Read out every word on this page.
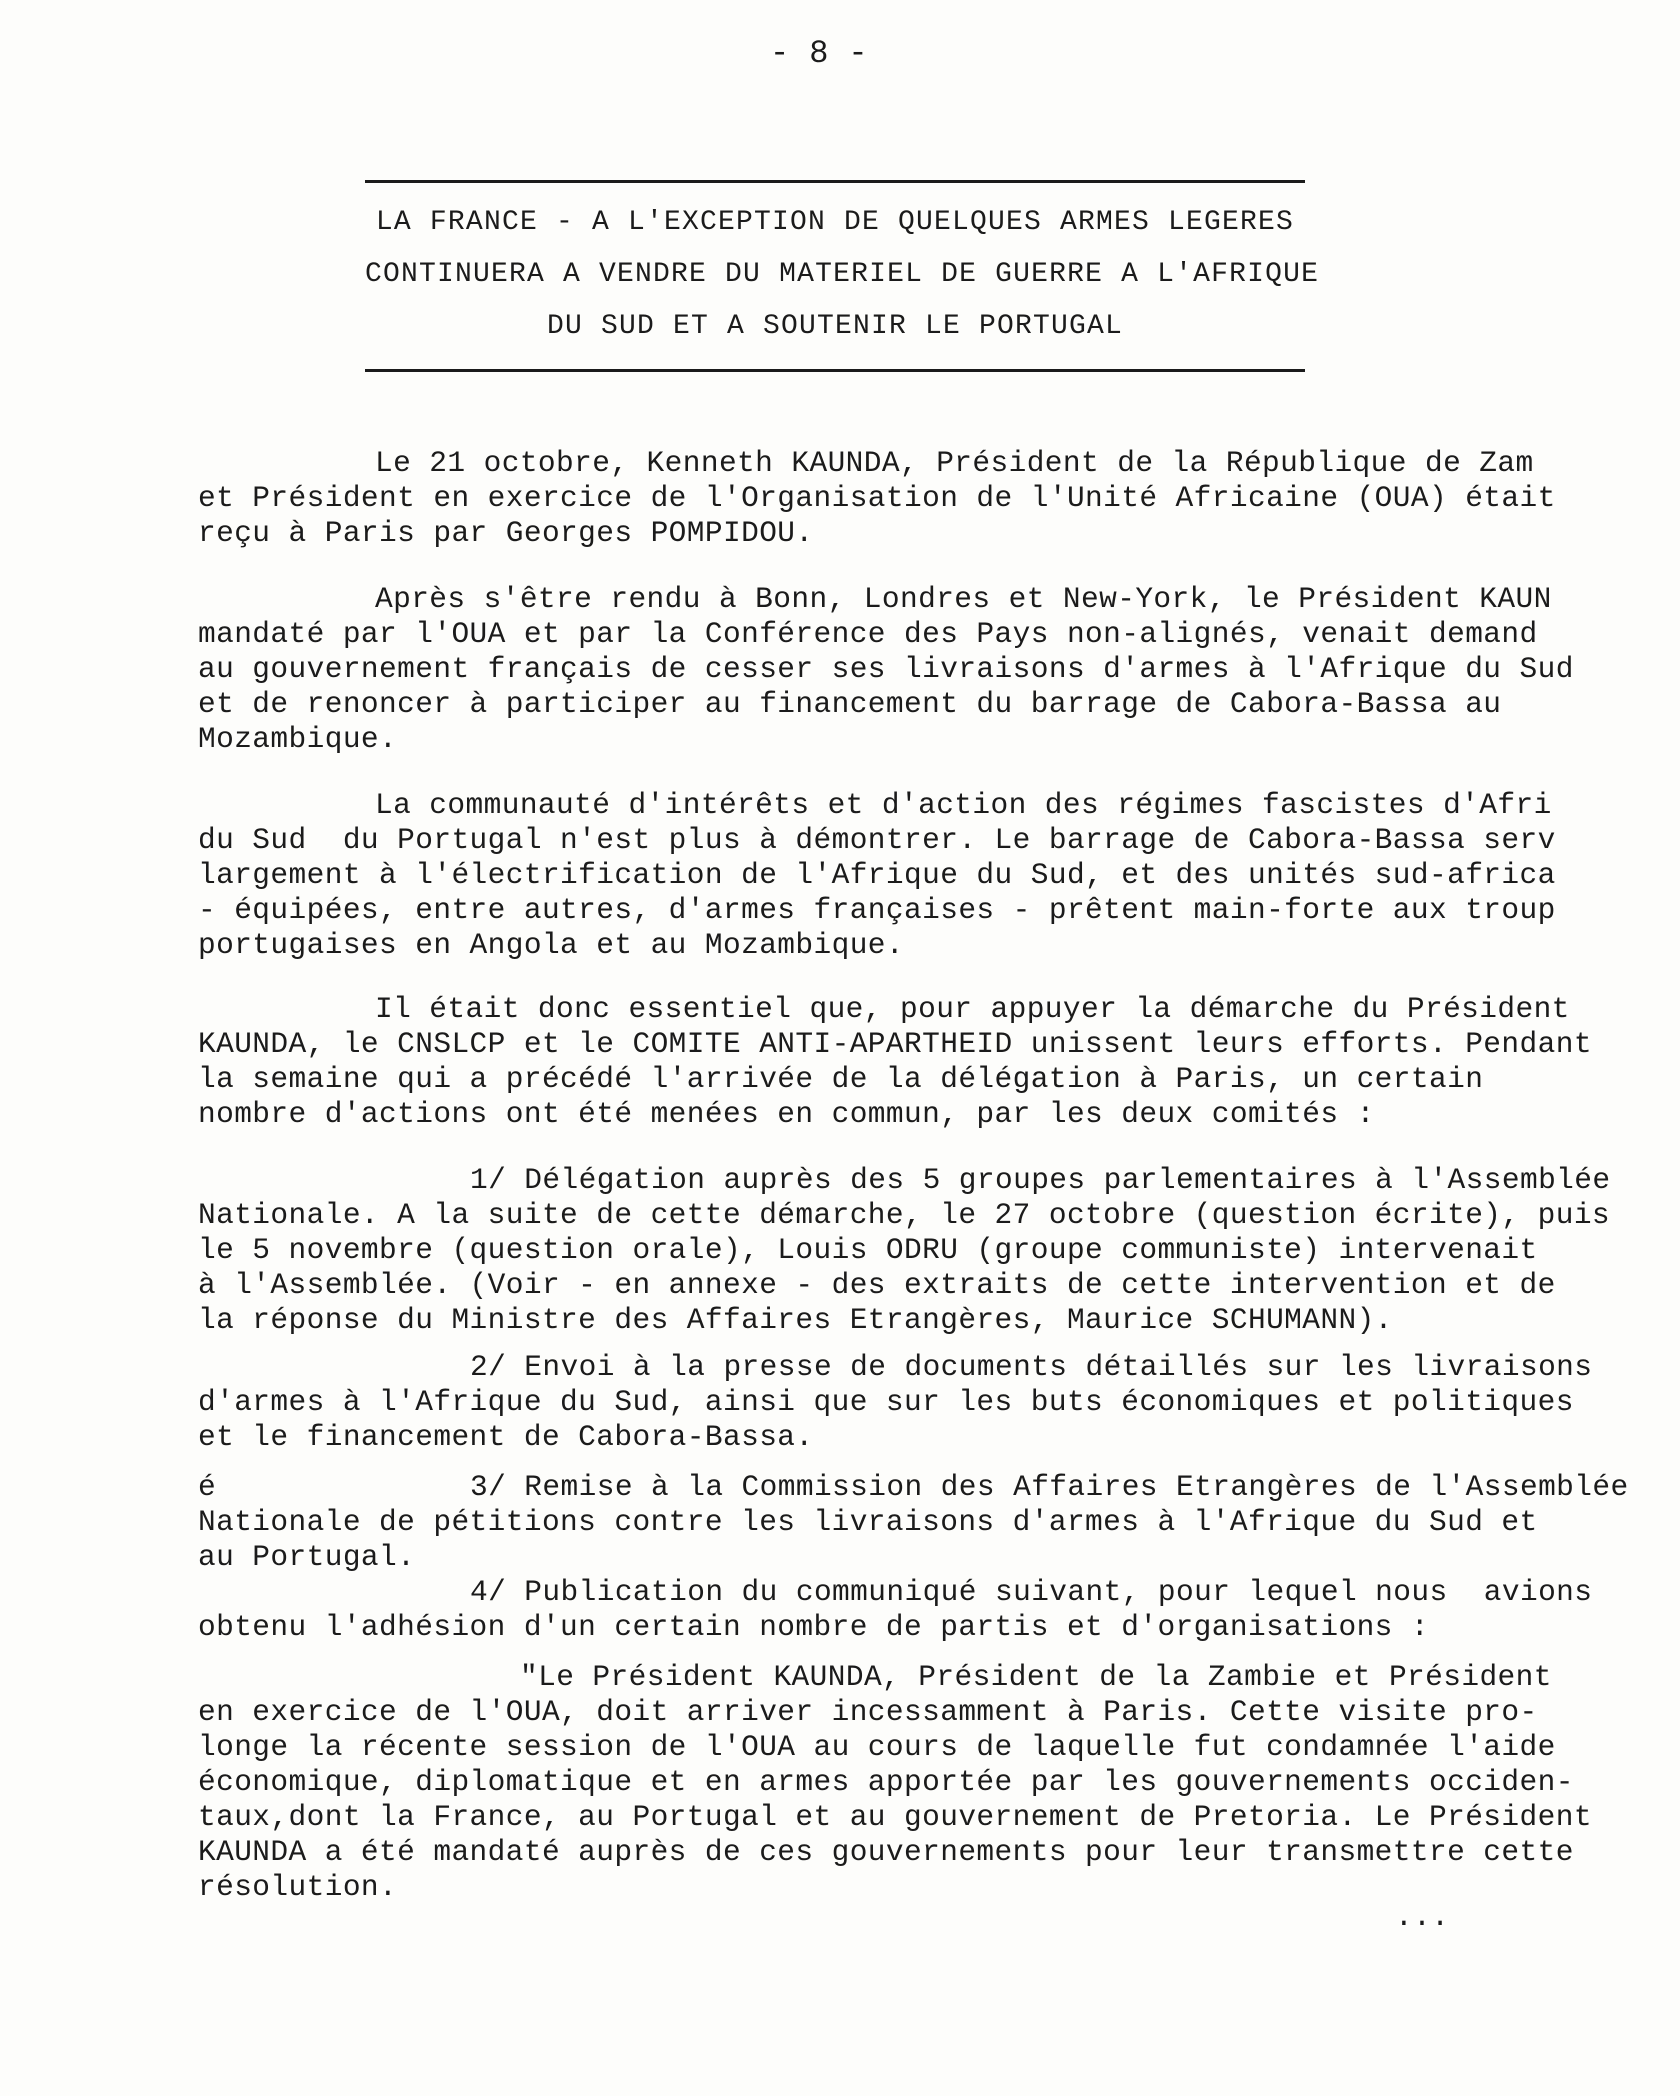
- 8 -
LA FRANCE - A L'EXCEPTION DE QUELQUES ARMES LEGERES
CONTINUERA A VENDRE DU MATERIEL DE GUERRE A L'AFRIQUE
DU SUD ET A SOUTENIR LE PORTUGAL
Le 21 octobre, Kenneth KAUNDA, Président de la République de Zam
et Président en exercice de l'Organisation de l'Unité Africaine (OUA) était
reçu à Paris par Georges POMPIDOU.
Après s'être rendu à Bonn, Londres et New-York, le Président KAUN
mandaté par l'OUA et par la Conférence des Pays non-alignés, venait demand
au gouvernement français de cesser ses livraisons d'armes à l'Afrique du Sud
et de renoncer à participer au financement du barrage de Cabora-Bassa au
Mozambique.
La communauté d'intérêts et d'action des régimes fascistes d'Afri
du Sud  du Portugal n'est plus à démontrer. Le barrage de Cabora-Bassa serv
largement à l'électrification de l'Afrique du Sud, et des unités sud-africa
- équipées, entre autres, d'armes françaises - prêtent main-forte aux troup
portugaises en Angola et au Mozambique.
Il était donc essentiel que, pour appuyer la démarche du Président
KAUNDA, le CNSLCP et le COMITE ANTI-APARTHEID unissent leurs efforts. Pendant
la semaine qui a précédé l'arrivée de la délégation à Paris, un certain
nombre d'actions ont été menées en commun, par les deux comités :
1/ Délégation auprès des 5 groupes parlementaires à l'Assemblée
Nationale. A la suite de cette démarche, le 27 octobre (question écrite), puis
le 5 novembre (question orale), Louis ODRU (groupe communiste) intervenait
à l'Assemblée. (Voir - en annexe - des extraits de cette intervention et de
la réponse du Ministre des Affaires Etrangères, Maurice SCHUMANN).
2/ Envoi à la presse de documents détaillés sur les livraisons
d'armes à l'Afrique du Sud, ainsi que sur les buts économiques et politiques
et le financement de Cabora-Bassa.
é	3/ Remise à la Commission des Affaires Etrangères de l'Assemblée
Nationale de pétitions contre les livraisons d'armes à l'Afrique du Sud et
au Portugal.
4/ Publication du communiqué suivant, pour lequel nous  avions
obtenu l'adhésion d'un certain nombre de partis et d'organisations :
"Le Président KAUNDA, Président de la Zambie et Président
en exercice de l'OUA, doit arriver incessamment à Paris. Cette visite pro-
longe la récente session de l'OUA au cours de laquelle fut condamnée l'aide
économique, diplomatique et en armes apportée par les gouvernements occiden-
taux,dont la France, au Portugal et au gouvernement de Pretoria. Le Président
KAUNDA a été mandaté auprès de ces gouvernements pour leur transmettre cette
résolution.
...
